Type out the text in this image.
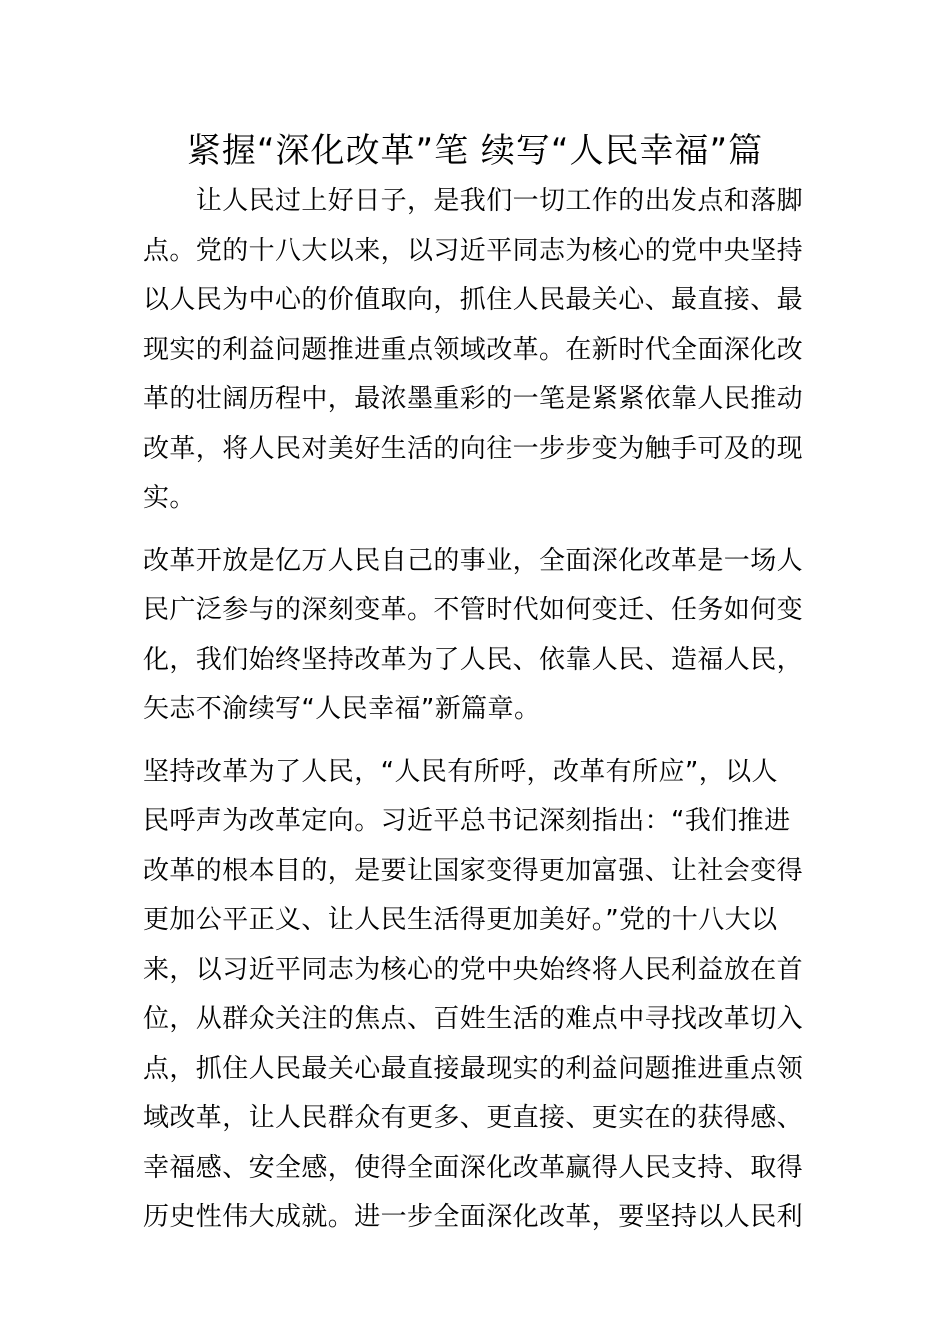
紧握“深化改革”笔 续写“人民幸福”篇
　　让人民过上好日子，是我们一切工作的出发点和落脚
点。党的十八大以来，以习近平同志为核心的党中央坚持
以人民为中心的价值取向，抓住人民最关心、最直接、最
现实的利益问题推进重点领域改革。在新时代全面深化改
革的壮阔历程中，最浓墨重彩的一笔是紧紧依靠人民推动
改革，将人民对美好生活的向往一步步变为触手可及的现
实。
改革开放是亿万人民自己的事业，全面深化改革是一场人
民广泛参与的深刻变革。不管时代如何变迁、任务如何变
化，我们始终坚持改革为了人民、依靠人民、造福人民，
矢志不渝续写“人民幸福”新篇章。
坚持改革为了人民，“人民有所呼，改革有所应”，以人
民呼声为改革定向。习近平总书记深刻指出：“我们推进
改革的根本目的，是要让国家变得更加富强、让社会变得
更加公平正义、让人民生活得更加美好。”党的十八大以
来，以习近平同志为核心的党中央始终将人民利益放在首
位，从群众关注的焦点、百姓生活的难点中寻找改革切入
点，抓住人民最关心最直接最现实的利益问题推进重点领
域改革，让人民群众有更多、更直接、更实在的获得感、
幸福感、安全感，使得全面深化改革赢得人民支持、取得
历史性伟大成就。进一步全面深化改革，要坚持以人民利
